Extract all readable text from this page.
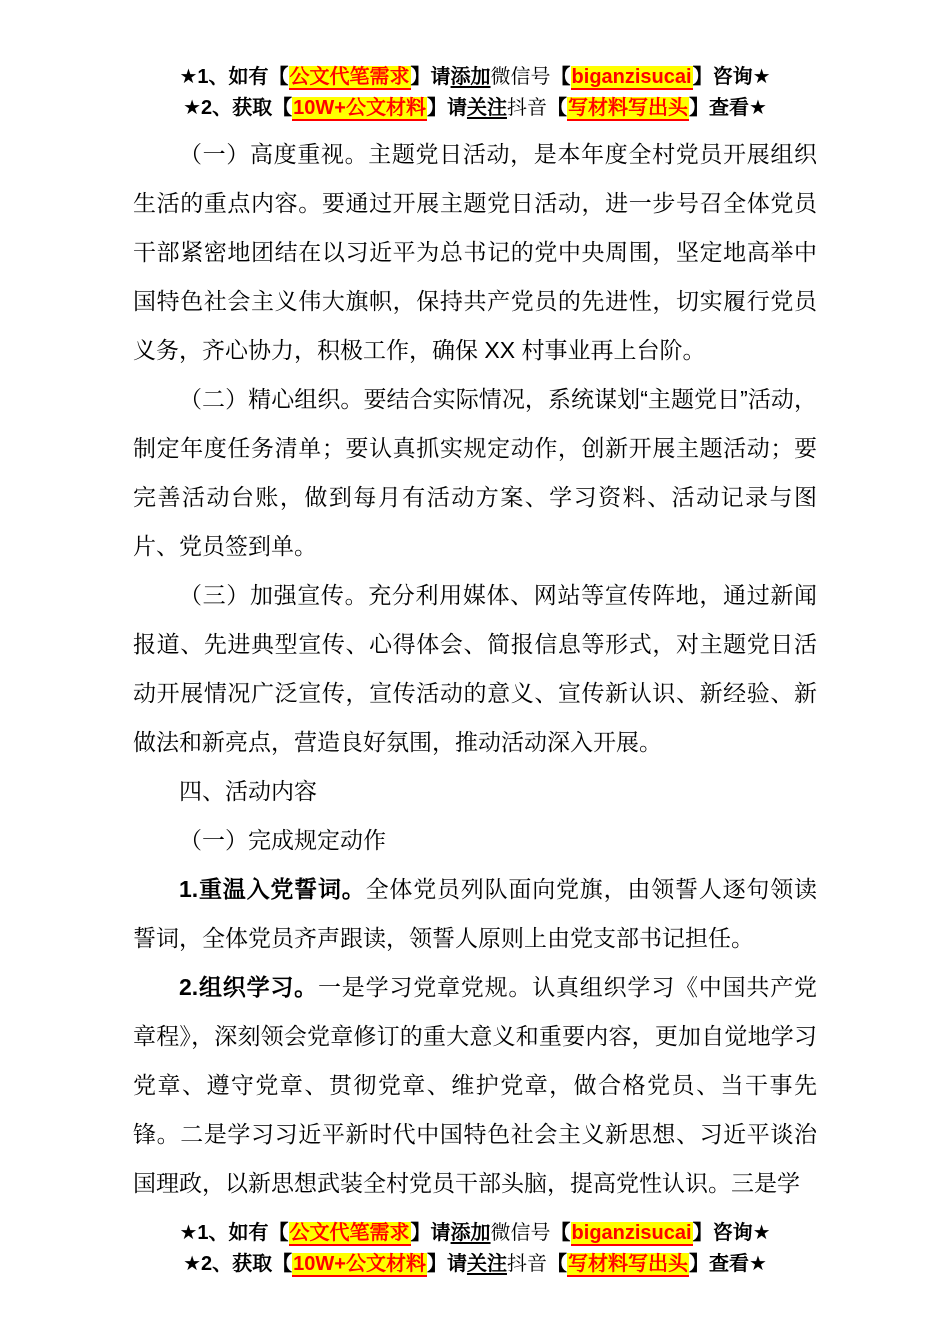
★1、如有【公文代笔需求】请添加微信号【biganzisucai】咨询★
★2、获取【10W+公文材料】请关注抖音【写材料写出头】查看★

（一）高度重视。主题党日活动，是本年度全村党员开展组织生活的重点内容。要通过开展主题党日活动，进一步号召全体党员干部紧密地团结在以习近平为总书记的党中央周围，坚定地高举中国特色社会主义伟大旗帜，保持共产党员的先进性，切实履行党员义务，齐心协力，积极工作，确保 XX 村事业再上台阶。

（二）精心组织。要结合实际情况，系统谋划“主题党日”活动，制定年度任务清单；要认真抓实规定动作，创新开展主题活动；要完善活动台账，做到每月有活动方案、学习资料、活动记录与图片、党员签到单。

（三）加强宣传。充分利用媒体、网站等宣传阵地，通过新闻报道、先进典型宣传、心得体会、简报信息等形式，对主题党日活动开展情况广泛宣传，宣传活动的意义、宣传新认识、新经验、新做法和新亮点，营造良好氛围，推动活动深入开展。

四、活动内容

（一）完成规定动作

1.重温入党誓词。全体党员列队面向党旗，由领誓人逐句领读誓词，全体党员齐声跟读，领誓人原则上由党支部书记担任。

2.组织学习。一是学习党章党规。认真组织学习《中国共产党章程》，深刻领会党章修订的重大意义和重要内容，更加自觉地学习党章、遵守党章、贯彻党章、维护党章，做合格党员、当干事先锋。二是学习习近平新时代中国特色社会主义新思想、习近平谈治国理政，以新思想武装全村党员干部头脑，提高党性认识。三是学

★1、如有【公文代笔需求】请添加微信号【biganzisucai】咨询★
★2、获取【10W+公文材料】请关注抖音【写材料写出头】查看★
